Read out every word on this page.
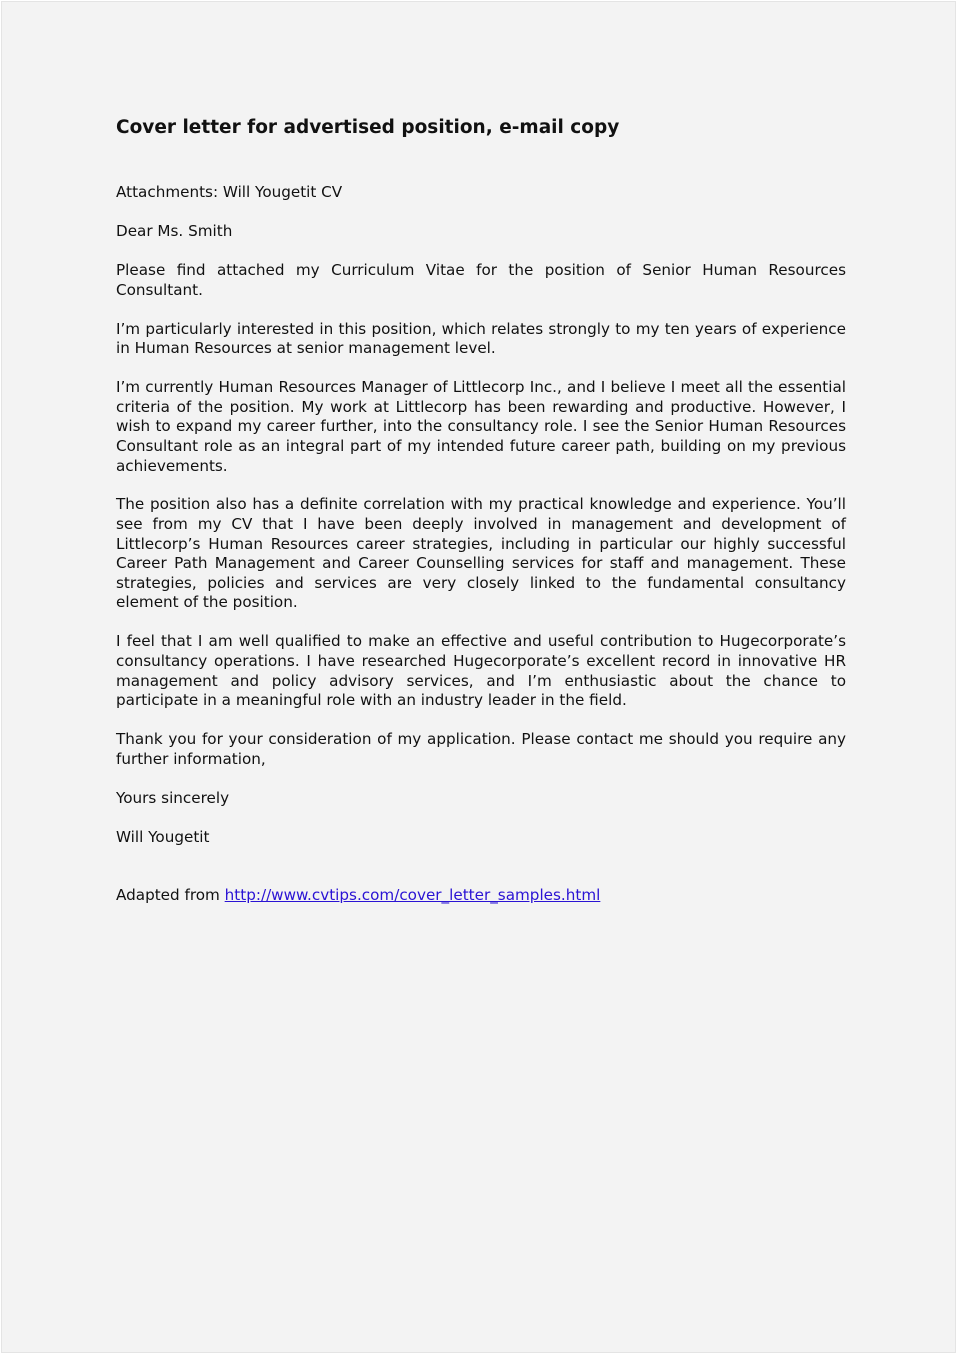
Cover letter for advertised position, e-mail copy

Attachments: Will Yougetit CV

Dear Ms. Smith

Please find attached my Curriculum Vitae for the position of Senior Human Resources Consultant.

I’m particularly interested in this position, which relates strongly to my ten years of experience in Human Resources at senior management level.

I’m currently Human Resources Manager of Littlecorp Inc., and I believe I meet all the essential criteria of the position. My work at Littlecorp has been rewarding and productive. However, I wish to expand my career further, into the consultancy role. I see the Senior Human Resources Consultant role as an integral part of my intended future career path, building on my previous achievements.

The position also has a definite correlation with my practical knowledge and experience. You’ll see from my CV that I have been deeply involved in management and development of Littlecorp’s Human Resources career strategies, including in particular our highly successful Career Path Management and Career Counselling services for staff and management. These strategies, policies and services are very closely linked to the fundamental consultancy element of the position.

I feel that I am well qualified to make an effective and useful contribution to Hugecorporate’s consultancy operations. I have researched Hugecorporate’s excellent record in innovative HR management and policy advisory services, and I’m enthusiastic about the chance to participate in a meaningful role with an industry leader in the field.

Thank you for your consideration of my application. Please contact me should you require any further information,

Yours sincerely

Will Yougetit

Adapted from http://www.cvtips.com/cover_letter_samples.html
